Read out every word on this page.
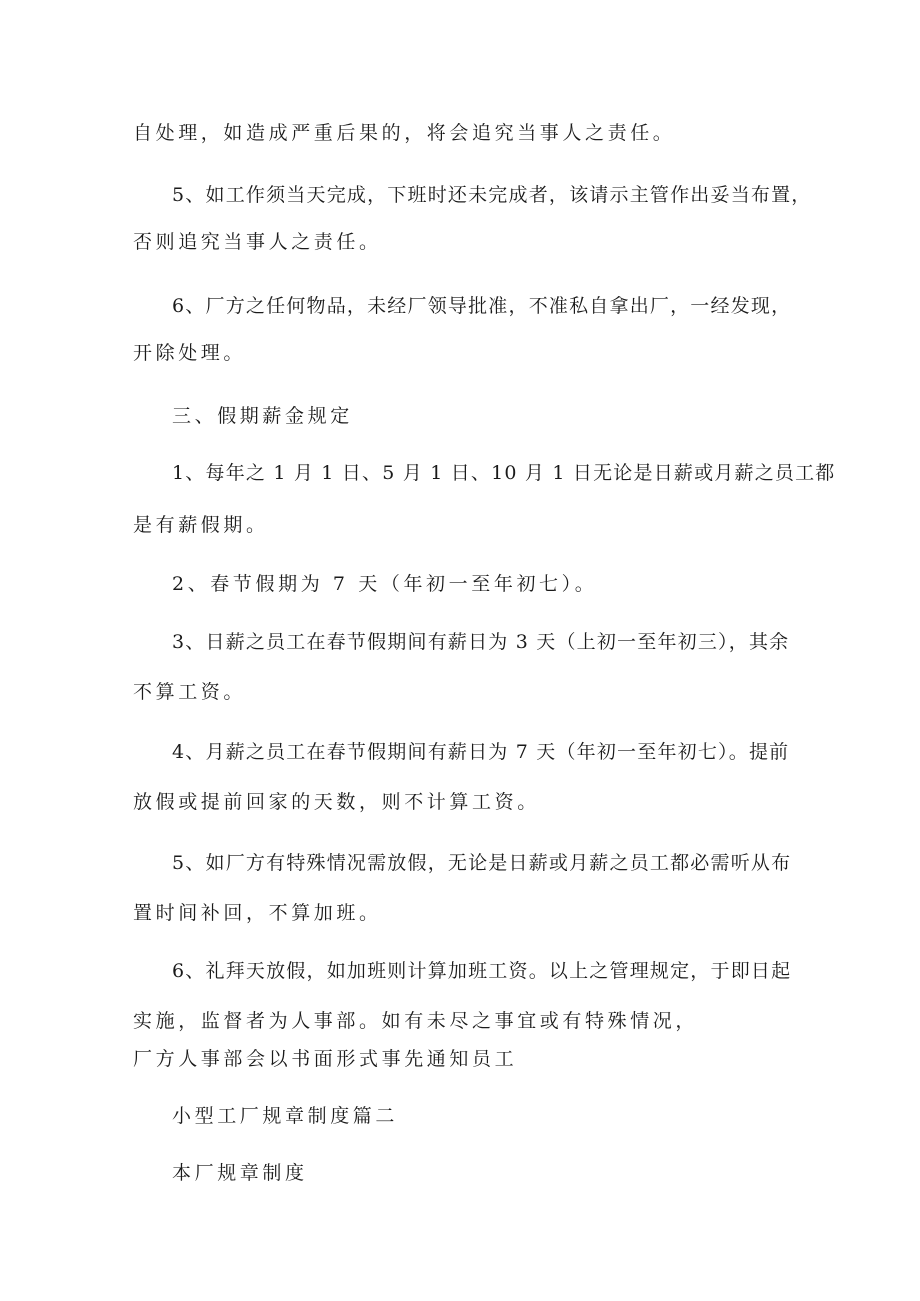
自处理，如造成严重后果的，将会追究当事人之责任。

5、如工作须当天完成，下班时还未完成者，该请示主管作出妥当布置，

否则追究当事人之责任。

6、厂方之任何物品，未经厂领导批准，不准私自拿出厂，一经发现，

开除处理。

三、假期薪金规定

1、每年之 1 月 1 日、5 月 1 日、10 月 1 日无论是日薪或月薪之员工都

是有薪假期。

2、春节假期为 7 天（年初一至年初七）。

3、日薪之员工在春节假期间有薪日为 3 天（上初一至年初三），其余

不算工资。

4、月薪之员工在春节假期间有薪日为 7 天（年初一至年初七）。提前

放假或提前回家的天数，则不计算工资。

5、如厂方有特殊情况需放假，无论是日薪或月薪之员工都必需听从布

置时间补回，不算加班。

6、礼拜天放假，如加班则计算加班工资。以上之管理规定，于即日起

实施，监督者为人事部。如有未尽之事宜或有特殊情况，

厂方人事部会以书面形式事先通知员工

小型工厂规章制度篇二

本厂规章制度
